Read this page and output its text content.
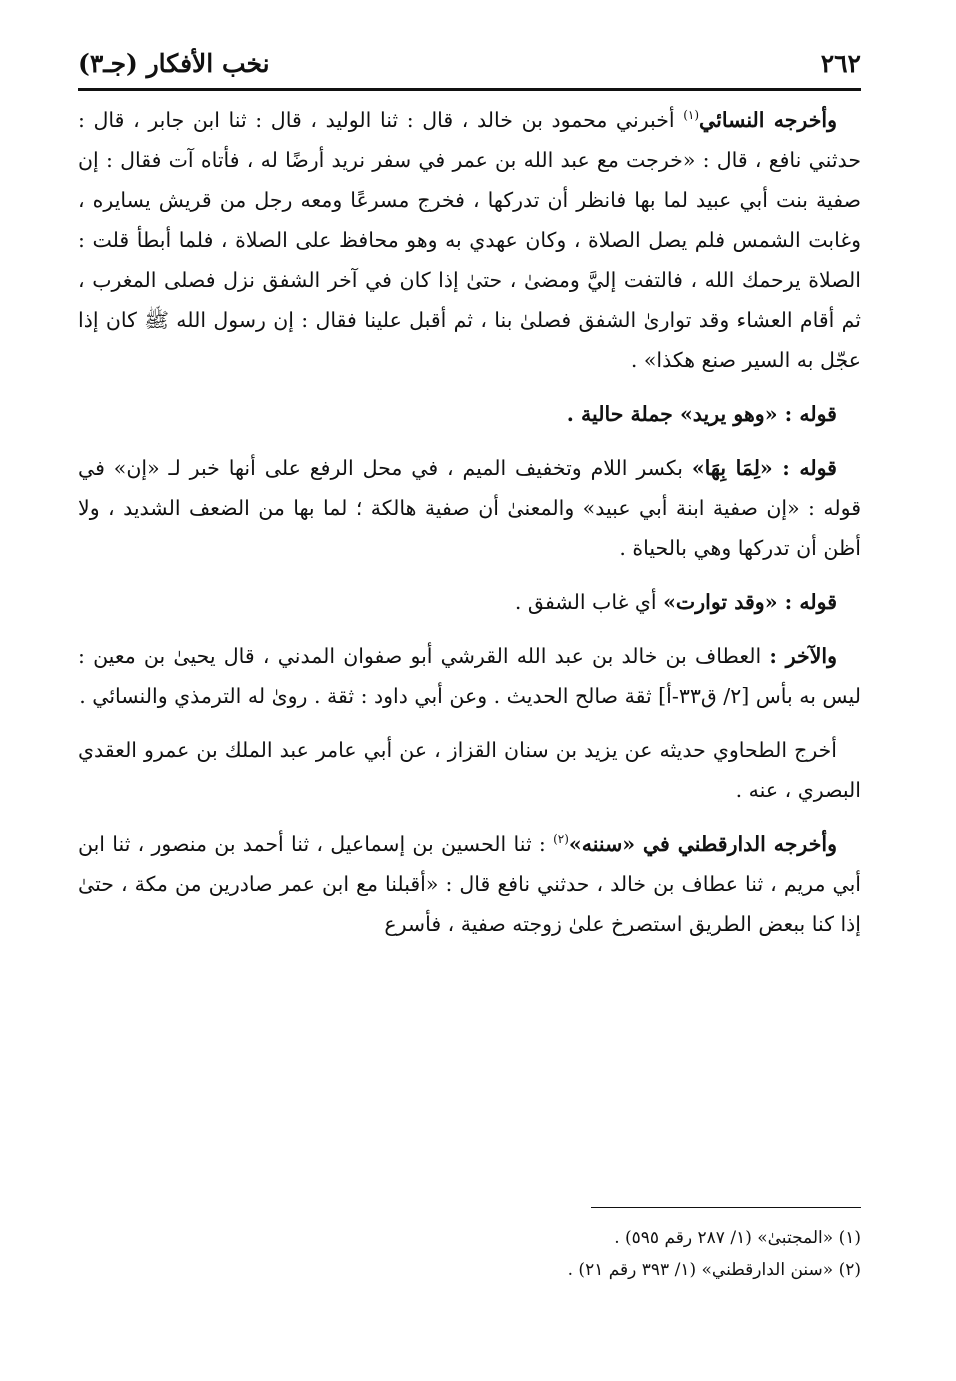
٢٦٢
نخب الأفكار (جـ٣)

وأخرجه النسائي$^{(١)}$ أخبرني محمود بن خالد ، قال : ثنا الوليد ، قال : ثنا ابن جابر ، قال : حدثني نافع ، قال : «خرجت مع عبد الله بن عمر في سفر نريد أرضًا له ، فأتاه آت فقال : إن صفية بنت أبي عبيد لما بها فانظر أن تدركها ، فخرج مسرعًا ومعه رجل من قريش يسايره ، وغابت الشمس فلم يصل الصلاة ، وكان عهدي به وهو محافظ على الصلاة ، فلما أبطأ قلت : الصلاة يرحمك الله ، فالتفت إليَّ ومضىٰ ، حتىٰ إذا كان في آخر الشفق نزل فصلى المغرب ، ثم أقام العشاء وقد توارىٰ الشفق فصلىٰ بنا ، ثم أقبل علينا فقال : إن رسول الله ﷺ كان إذا عجّل به السير صنع هكذا» .

قوله : «وهو يريد» جملة حالية .

قوله : «لِمَا بِهَا» بكسر اللام وتخفيف الميم ، في محل الرفع على أنها خبر لـ «إن» في قوله : «إن صفية ابنة أبي عبيد» والمعنىٰ أن صفية هالكة ؛ لما بها من الضعف الشديد ، ولا أظن أن تدركها وهي بالحياة .

قوله : «وقد توارت» أي غاب الشفق .

والآخر : العطاف بن خالد بن عبد الله القرشي أبو صفوان المدني ، قال يحيىٰ بن معين : ليس به بأس [٢/ ق٣٣-أ] ثقة صالح الحديث . وعن أبي داود : ثقة . روىٰ له الترمذي والنسائي .

أخرج الطحاوي حديثه عن يزيد بن سنان القزاز ، عن أبي عامر عبد الملك بن عمرو العقدي البصري ، عنه .

وأخرجه الدارقطني في «سننه»$^{(٢)}$ : ثنا الحسين بن إسماعيل ، ثنا أحمد بن منصور ، ثنا ابن أبي مريم ، ثنا عطاف بن خالد ، حدثني نافع قال : «أقبلنا مع ابن عمر صادرين من مكة ، حتىٰ إذا كنا ببعض الطريق استصرخ علىٰ زوجته صفية ، فأسرع

(١) «المجتبىٰ» (١/ ٢٨٧ رقم ٥٩٥) .

(٢) «سنن الدارقطني» (١/ ٣٩٣ رقم ٢١) .
